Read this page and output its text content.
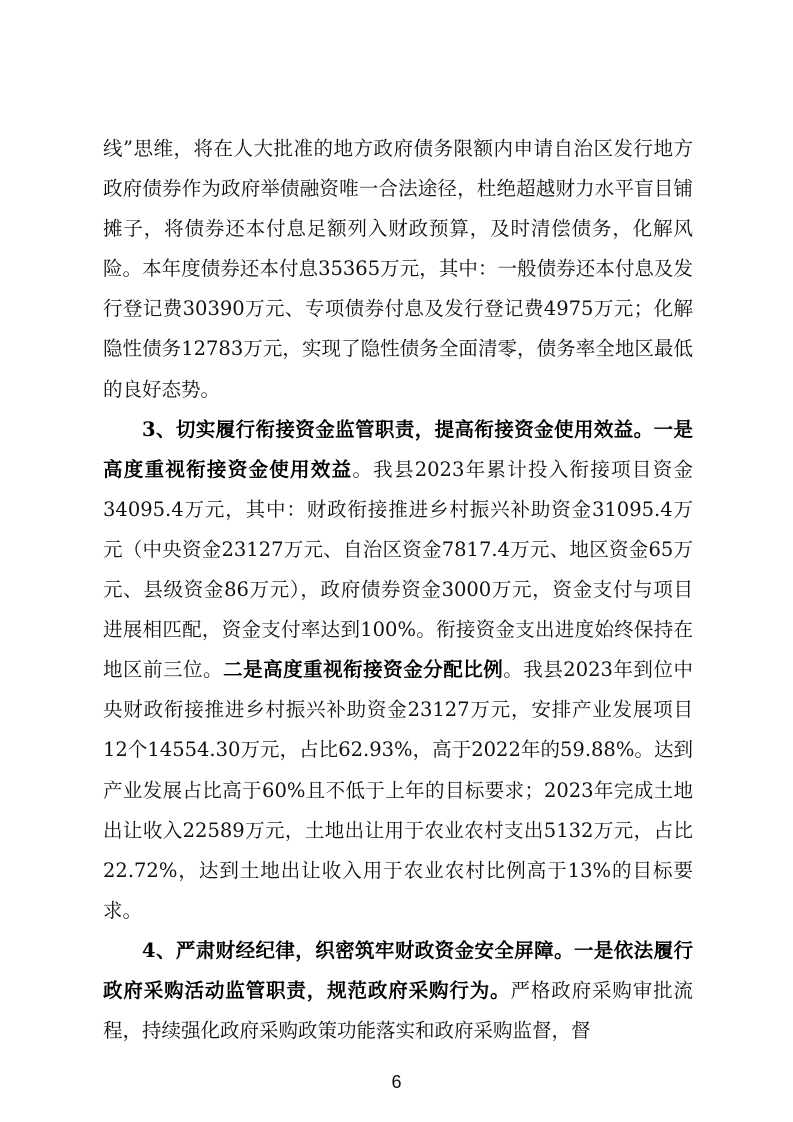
线”思维，将在人大批准的地方政府债务限额内申请自治区发行地方政府债券作为政府举债融资唯一合法途径，杜绝超越财力水平盲目铺摊子，将债券还本付息足额列入财政预算，及时清偿债务，化解风险。本年度债券还本付息35365万元，其中：一般债券还本付息及发行登记费30390万元、专项债券付息及发行登记费4975万元；化解隐性债务12783万元，实现了隐性债务全面清零，债务率全地区最低的良好态势。

3、切实履行衔接资金监管职责，提高衔接资金使用效益。一是高度重视衔接资金使用效益。我县2023年累计投入衔接项目资金34095.4万元，其中：财政衔接推进乡村振兴补助资金31095.4万元（中央资金23127万元、自治区资金7817.4万元、地区资金65万元、县级资金86万元），政府债券资金3000万元，资金支付与项目进展相匹配，资金支付率达到100%。衔接资金支出进度始终保持在地区前三位。二是高度重视衔接资金分配比例。我县2023年到位中央财政衔接推进乡村振兴补助资金23127万元，安排产业发展项目12个14554.30万元，占比62.93%，高于2022年的59.88%。达到产业发展占比高于60%且不低于上年的目标要求；2023年完成土地出让收入22589万元，土地出让用于农业农村支出5132万元，占比22.72%，达到土地出让收入用于农业农村比例高于13%的目标要求。

4、严肃财经纪律，织密筑牢财政资金安全屏障。一是依法履行政府采购活动监管职责，规范政府采购行为。严格政府采购审批流程，持续强化政府采购政策功能落实和政府采购监督，督

6
